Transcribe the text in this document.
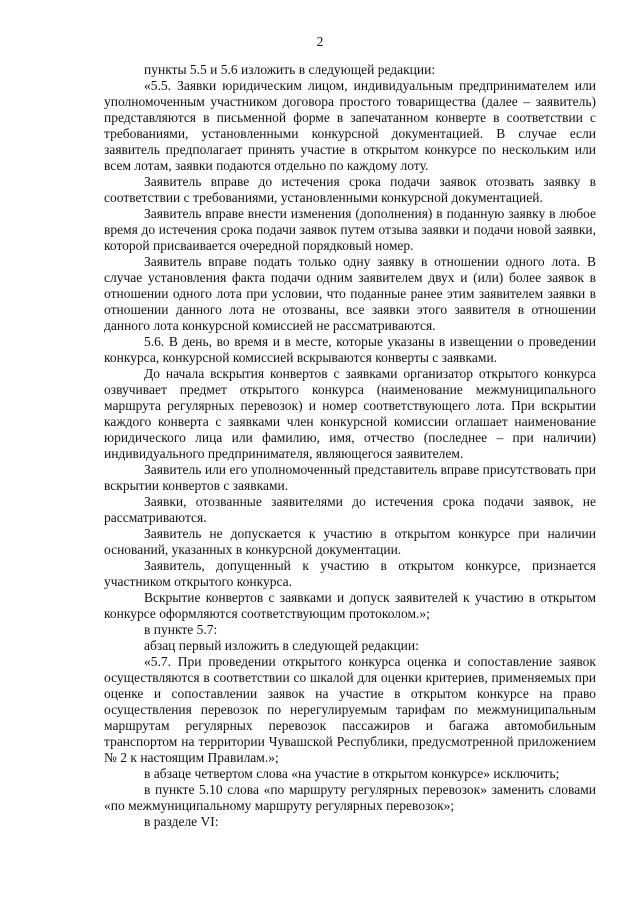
2

пункты 5.5 и 5.6 изложить в следующей редакции:

«5.5. Заявки юридическим лицом, индивидуальным предпринимателем или уполномоченным участником договора простого товарищества (далее – заявитель) представляются в письменной форме в запечатанном конверте в соответствии с требованиями, установленными конкурсной документацией. В случае если заявитель предполагает принять участие в открытом конкурсе по нескольким или всем лотам, заявки подаются отдельно по каждому лоту.

Заявитель вправе до истечения срока подачи заявок отозвать заявку в соответствии с требованиями, установленными конкурсной документацией.

Заявитель вправе внести изменения (дополнения) в поданную заявку в любое время до истечения срока подачи заявок путем отзыва заявки и подачи новой заявки, которой присваивается очередной порядковый номер.

Заявитель вправе подать только одну заявку в отношении одного лота. В случае установления факта подачи одним заявителем двух и (или) более заявок в отношении одного лота при условии, что поданные ранее этим заявителем заявки в отношении данного лота не отозваны, все заявки этого заявителя в отношении данного лота конкурсной комиссией не рассматриваются.

5.6. В день, во время и в месте, которые указаны в извещении о проведении конкурса, конкурсной комиссией вскрываются конверты с заявками.

До начала вскрытия конвертов с заявками организатор открытого конкурса озвучивает предмет открытого конкурса (наименование межмуниципального маршрута регулярных перевозок) и номер соответствующего лота. При вскрытии каждого конверта с заявками член конкурсной комиссии оглашает наименование юридического лица или фамилию, имя, отчество (последнее – при наличии) индивидуального предпринимателя, являющегося заявителем.

Заявитель или его уполномоченный представитель вправе присутствовать при вскрытии конвертов с заявками.

Заявки, отозванные заявителями до истечения срока подачи заявок, не рассматриваются.

Заявитель не допускается к участию в открытом конкурсе при наличии оснований, указанных в конкурсной документации.

Заявитель, допущенный к участию в открытом конкурсе, признается участником открытого конкурса.

Вскрытие конвертов с заявками и допуск заявителей к участию в открытом конкурсе оформляются соответствующим протоколом.»;

в пункте 5.7:

абзац первый изложить в следующей редакции:

«5.7. При проведении открытого конкурса оценка и сопоставление заявок осуществляются в соответствии со шкалой для оценки критериев, применяемых при оценке и сопоставлении заявок на участие в открытом конкурсе на право осуществления перевозок по нерегулируемым тарифам по межмуниципальным маршрутам регулярных перевозок пассажиров и багажа автомобильным транспортом на территории Чувашской Республики, предусмотренной приложением № 2 к настоящим Правилам.»;

в абзаце четвертом слова «на участие в открытом конкурсе» исключить;

в пункте 5.10 слова «по маршруту регулярных перевозок» заменить словами «по межмуниципальному маршруту регулярных перевозок»;

в разделе VI:
